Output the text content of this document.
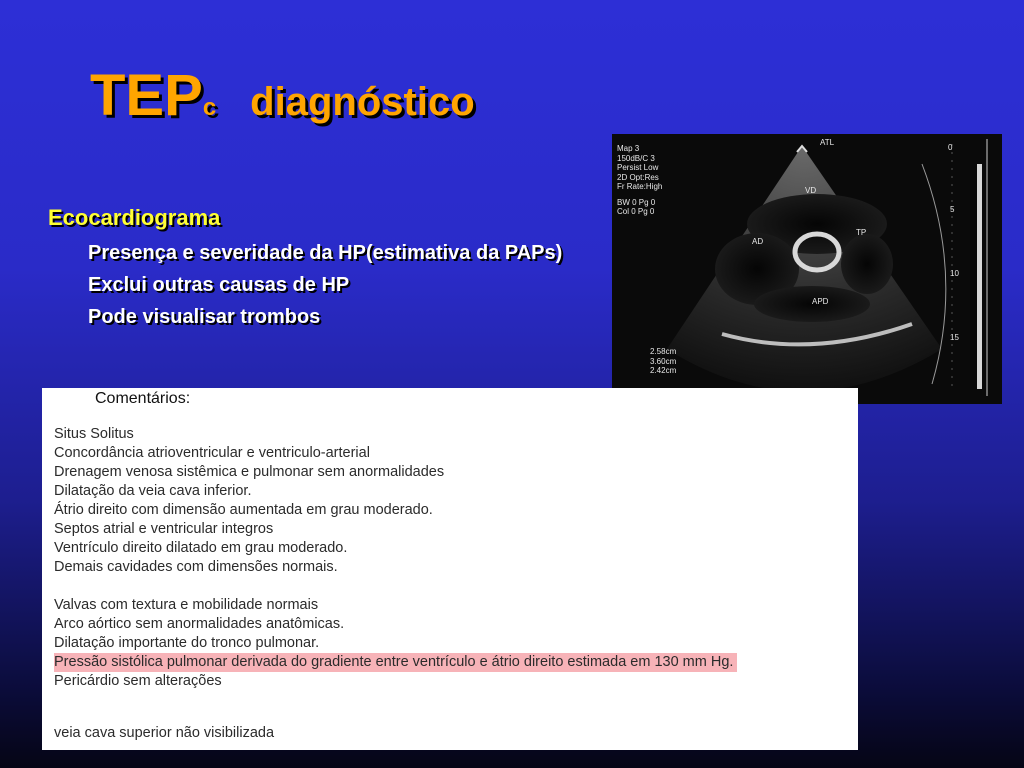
TEPc diagnóstico
Ecocardiograma
Presença e severidade da HP(estimativa da PAPs)
Exclui outras causas de HP
Pode visualisar trombos
Map 3
150dB/C 3
Persist Low
2D Opt:Res
Fr Rate:High
BW 0 Pg 0
Col 0 Pg 0
ATL
VD
AD
TP
APD
0
5
10
15
2.58cm
3.60cm
2.42cm
Comentários:
Situs Solitus
Concordância atrioventricular e ventriculo-arterial
Drenagem venosa sistêmica e pulmonar sem anormalidades
Dilatação da veia cava inferior.
Átrio direito com dimensão aumentada em grau moderado.
Septos atrial e ventricular integros
Ventrículo direito dilatado em grau moderado.
Demais cavidades com dimensões normais.
Valvas com textura e mobilidade normais
Arco aórtico sem anormalidades anatômicas.
Dilatação importante do tronco pulmonar.
Pressão sistólica pulmonar derivada do gradiente entre ventrículo e átrio direito estimada em 130 mm Hg.
Pericárdio sem alterações
veia cava superior não visibilizada
